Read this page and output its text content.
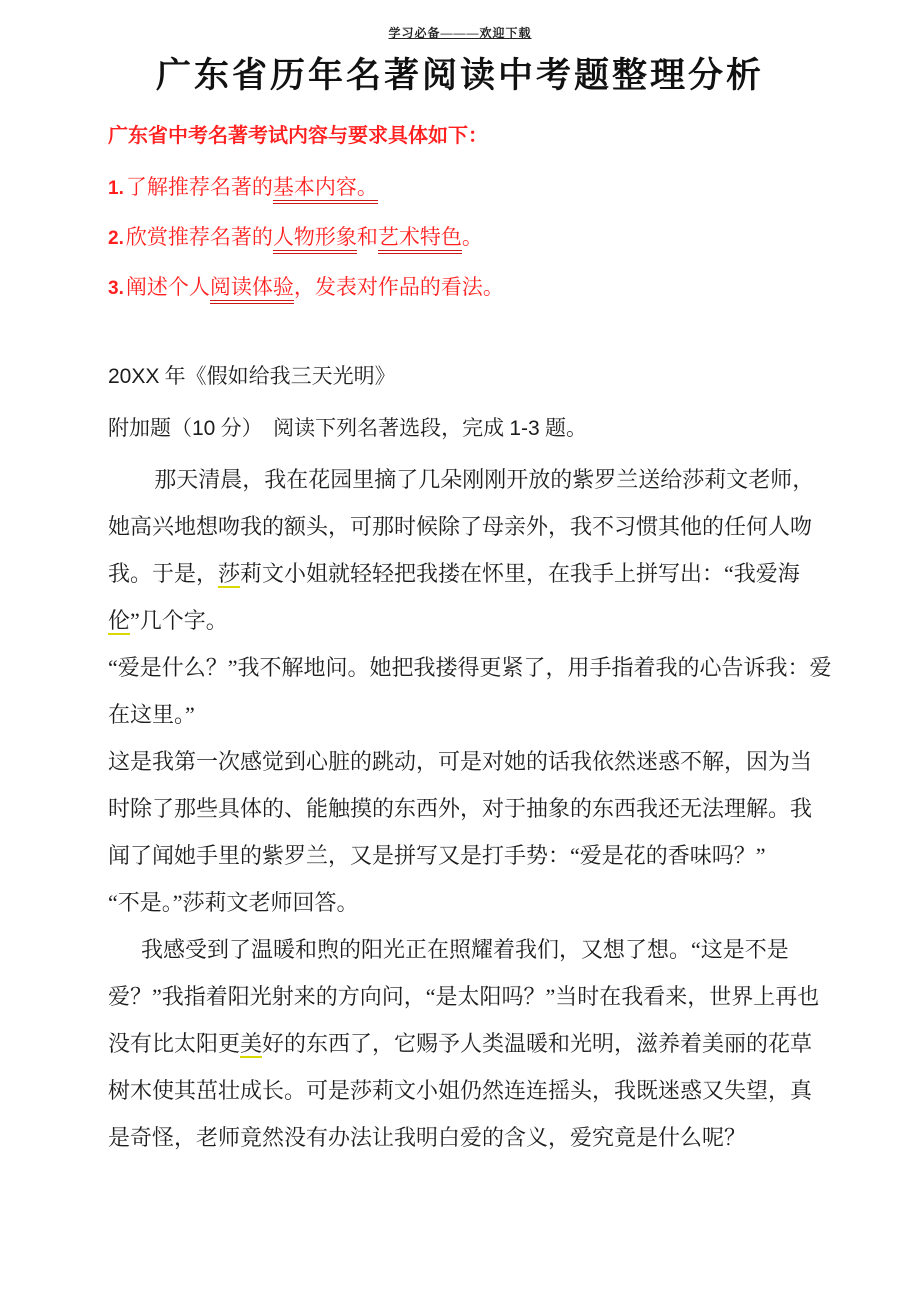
学习必备———欢迎下载
广东省历年名著阅读中考题整理分析
广东省中考名著考试内容与要求具体如下：
1.了解推荐名著的基本内容。
2.欣赏推荐名著的人物形象和艺术特色。
3.阐述个人阅读体验，发表对作品的看法。
20XX 年《假如给我三天光明》
附加题（10 分）　阅读下列名著选段，完成 1-3 题。
那天清晨，我在花园里摘了几朵刚刚开放的紫罗兰送给莎莉文老师，
她高兴地想吻我的额头，可那时候除了母亲外，我不习惯其他的任何人吻
我。于是，莎莉文小姐就轻轻把我搂在怀里，在我手上拼写出：“我爱海
伦”几个字。
“爱是什么？”我不解地问。她把我搂得更紧了，用手指着我的心告诉我：爱
在这里。”
这是我第一次感觉到心脏的跳动，可是对她的话我依然迷惑不解，因为当
时除了那些具体的、能触摸的东西外，对于抽象的东西我还无法理解。我
闻了闻她手里的紫罗兰，又是拼写又是打手势：“爱是花的香味吗？”
“不是。”莎莉文老师回答。
我感受到了温暖和煦的阳光正在照耀着我们，又想了想。“这是不是
爱？”我指着阳光射来的方向问，“是太阳吗？”当时在我看来，世界上再也
没有比太阳更美好的东西了，它赐予人类温暖和光明，滋养着美丽的花草
树木使其茁壮成长。可是莎莉文小姐仍然连连摇头，我既迷惑又失望，真
是奇怪，老师竟然没有办法让我明白爱的含义，爱究竟是什么呢？
